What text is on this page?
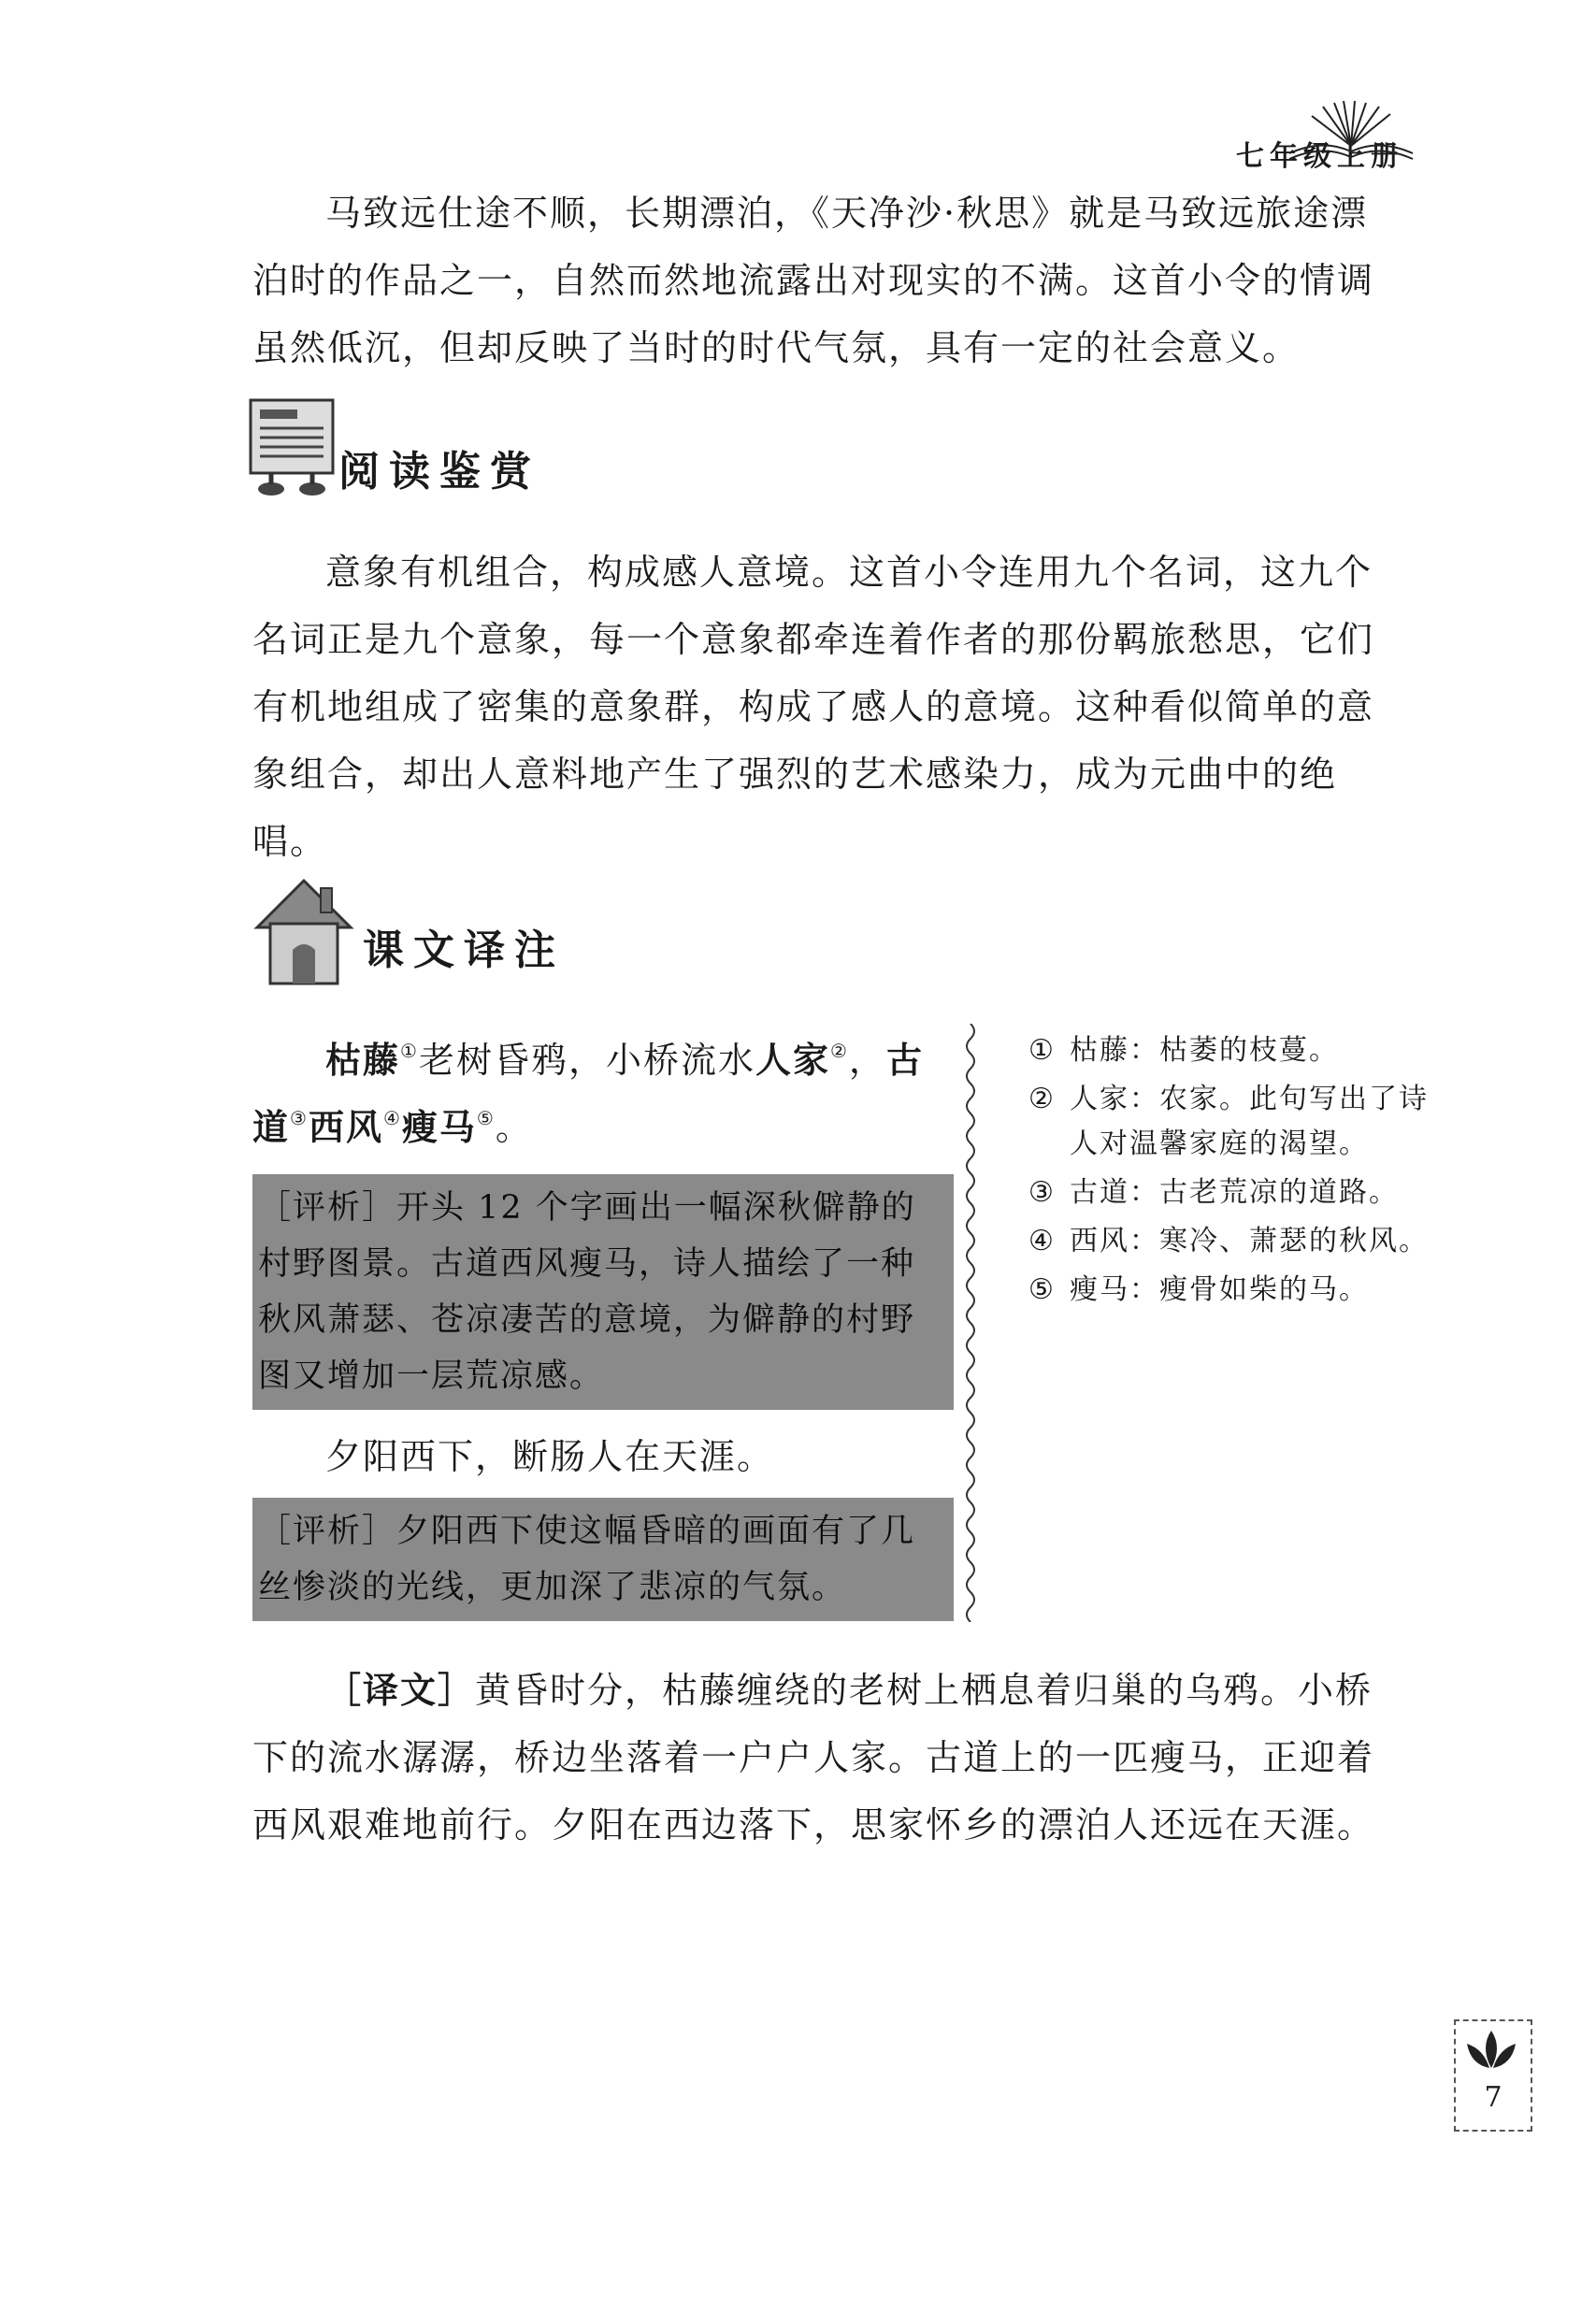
七年级上册

马致远仕途不顺，长期漂泊，《天净沙·秋思》就是马致远旅途漂泊时的作品之一，自然而然地流露出对现实的不满。这首小令的情调虽然低沉，但却反映了当时的时代气氛，具有一定的社会意义。

阅读鉴赏

意象有机组合，构成感人意境。这首小令连用九个名词，这九个名词正是九个意象，每一个意象都牵连着作者的那份羁旅愁思，它们有机地组成了密集的意象群，构成了感人的意境。这种看似简单的意象组合，却出人意料地产生了强烈的艺术感染力，成为元曲中的绝唱。

课文译注
枯藤①老树昏鸦，小桥流水人家②，古道③西风④瘦马⑤。
［评析］开头 12 个字画出一幅深秋僻静的村野图景。古道西风瘦马，诗人描绘了一种秋风萧瑟、苍凉凄苦的意境，为僻静的村野图又增加一层荒凉感。
夕阳西下，断肠人在天涯。
［评析］夕阳西下使这幅昏暗的画面有了几丝惨淡的光线，更加深了悲凉的气氛。
① 枯藤：枯萎的枝蔓。
② 人家：农家。此句写出了诗人对温馨家庭的渴望。
③ 古道：古老荒凉的道路。
④ 西风：寒冷、萧瑟的秋风。
⑤ 瘦马：瘦骨如柴的马。

［译文］黄昏时分，枯藤缠绕的老树上栖息着归巢的乌鸦。小桥下的流水潺潺，桥边坐落着一户户人家。古道上的一匹瘦马，正迎着西风艰难地前行。夕阳在西边落下，思家怀乡的漂泊人还远在天涯。

7
